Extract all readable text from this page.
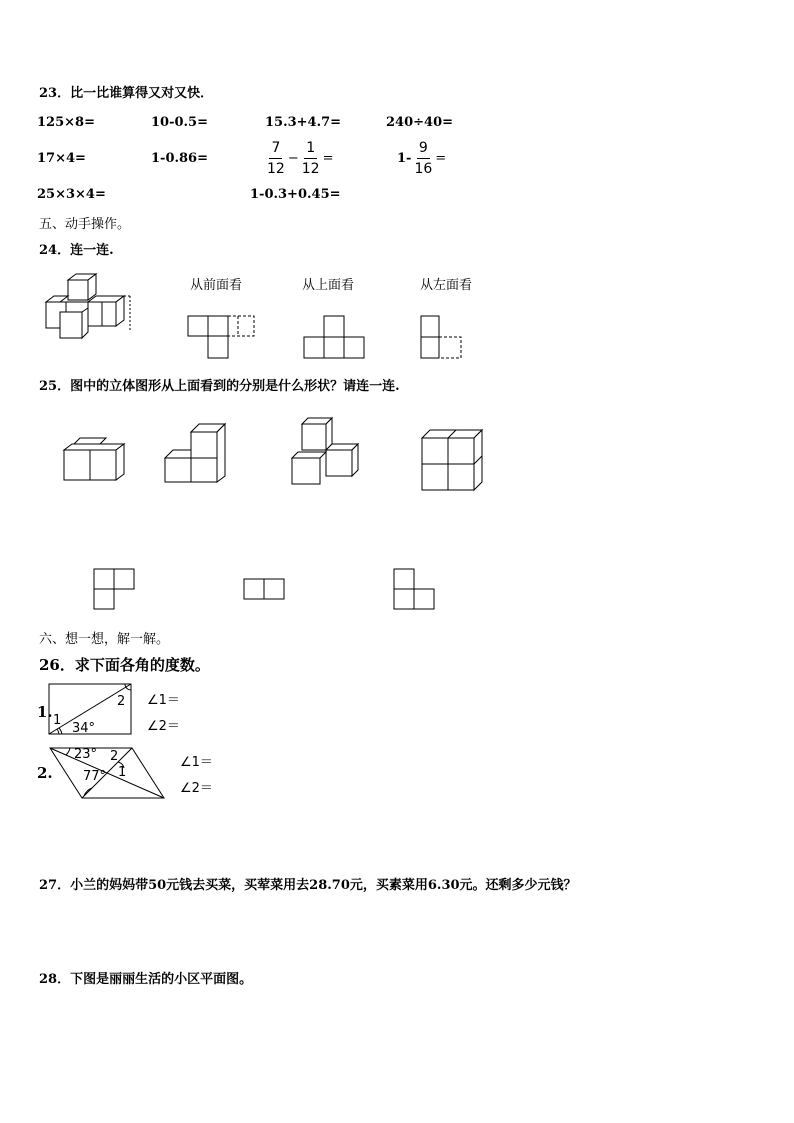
23．比一比谁算得又对又快．
125×8=	10-0.5=	15.3+4.7=	240÷40=
17×4=	1-0.86=	$\frac{7}{12} - \frac{1}{12}$ =	$1- \frac{9}{16}$ =
25×3×4=	1-0.3+0.45=
五、动手操作。
24．连一连.
从前面看	从上面看	从左面看
25．图中的立体图形从上面看到的分别是什么形状？请连一连.
六、想一想，解一解。
26．求下面各角的度数。
1. 1
2
34°
∠1＝
∠2＝
2.
23° 2
77° 1
∠1＝
∠2＝
27．小兰的妈妈带50元钱去买菜，买荤菜用去28.70元，买素菜用6.30元。还剩多少元钱？
28．下图是丽丽生活的小区平面图。
